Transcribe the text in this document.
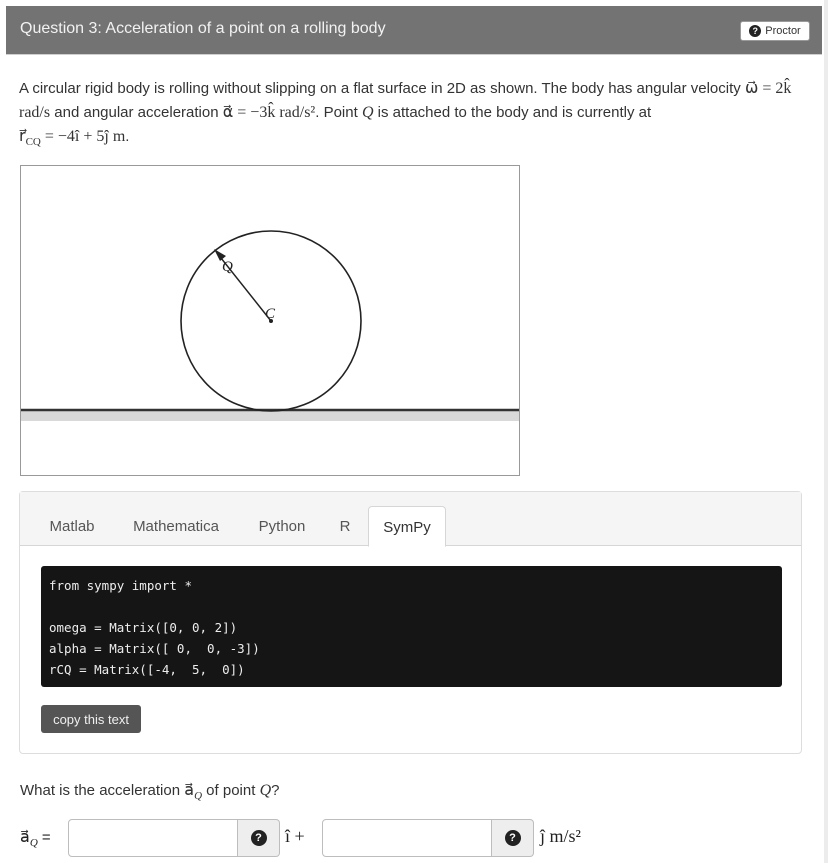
Question 3: Acceleration of a point on a rolling body	? Proctor
A circular rigid body is rolling without slipping on a flat surface in 2D as shown. The body has angular velocity ω⃗ = 2k̂ rad/s and angular acceleration α⃗ = −3k̂ rad/s². Point Q is attached to the body and is currently at
$r⃗_{CQ}$ = −4î + 5ĵ m.
Q
C
Matlab	Mathematica	Python	R	SymPy
from sympy import *

omega = Matrix([0, 0, 2])
alpha = Matrix([ 0,  0, -3])
rCQ = Matrix([-4,  5,  0])
copy this text
What is the acceleration $a⃗_Q$ of point Q?
$a⃗_Q$ =	? î +	? ĵ m/s²
